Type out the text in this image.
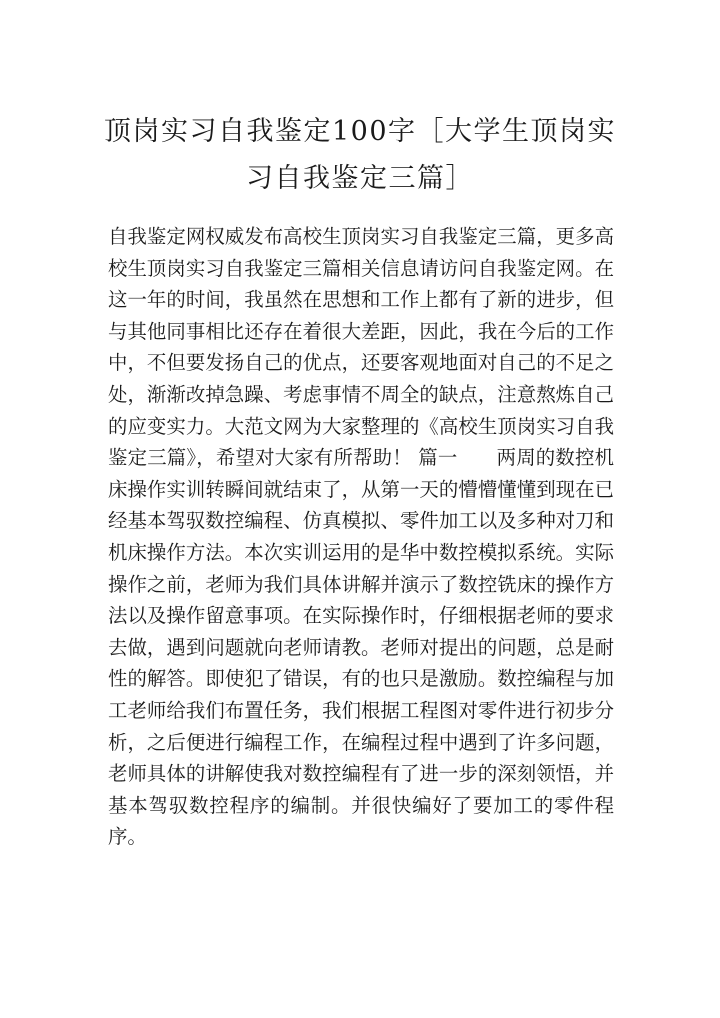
顶岗实习自我鉴定100字［大学生顶岗实习自我鉴定三篇］

自我鉴定网权威发布高校生顶岗实习自我鉴定三篇，更多高校生顶岗实习自我鉴定三篇相关信息请访问自我鉴定网。在这一年的时间，我虽然在思想和工作上都有了新的进步，但与其他同事相比还存在着很大差距，因此，我在今后的工作中，不但要发扬自己的优点，还要客观地面对自己的不足之处，渐渐改掉急躁、考虑事情不周全的缺点，注意熬炼自己的应变实力。大范文网为大家整理的《高校生顶岗实习自我鉴定三篇》，希望对大家有所帮助！ 篇一　　两周的数控机床操作实训转瞬间就结束了，从第一天的懵懵懂懂到现在已经基本驾驭数控编程、仿真模拟、零件加工以及多种对刀和机床操作方法。本次实训运用的是华中数控模拟系统。实际操作之前，老师为我们具体讲解并演示了数控铣床的操作方法以及操作留意事项。在实际操作时，仔细根据老师的要求去做，遇到问题就向老师请教。老师对提出的问题，总是耐性的解答。即使犯了错误，有的也只是激励。数控编程与加工老师给我们布置任务，我们根据工程图对零件进行初步分析，之后便进行编程工作，在编程过程中遇到了许多问题，老师具体的讲解使我对数控编程有了进一步的深刻领悟，并基本驾驭数控程序的编制。并很快编好了要加工的零件程序。
